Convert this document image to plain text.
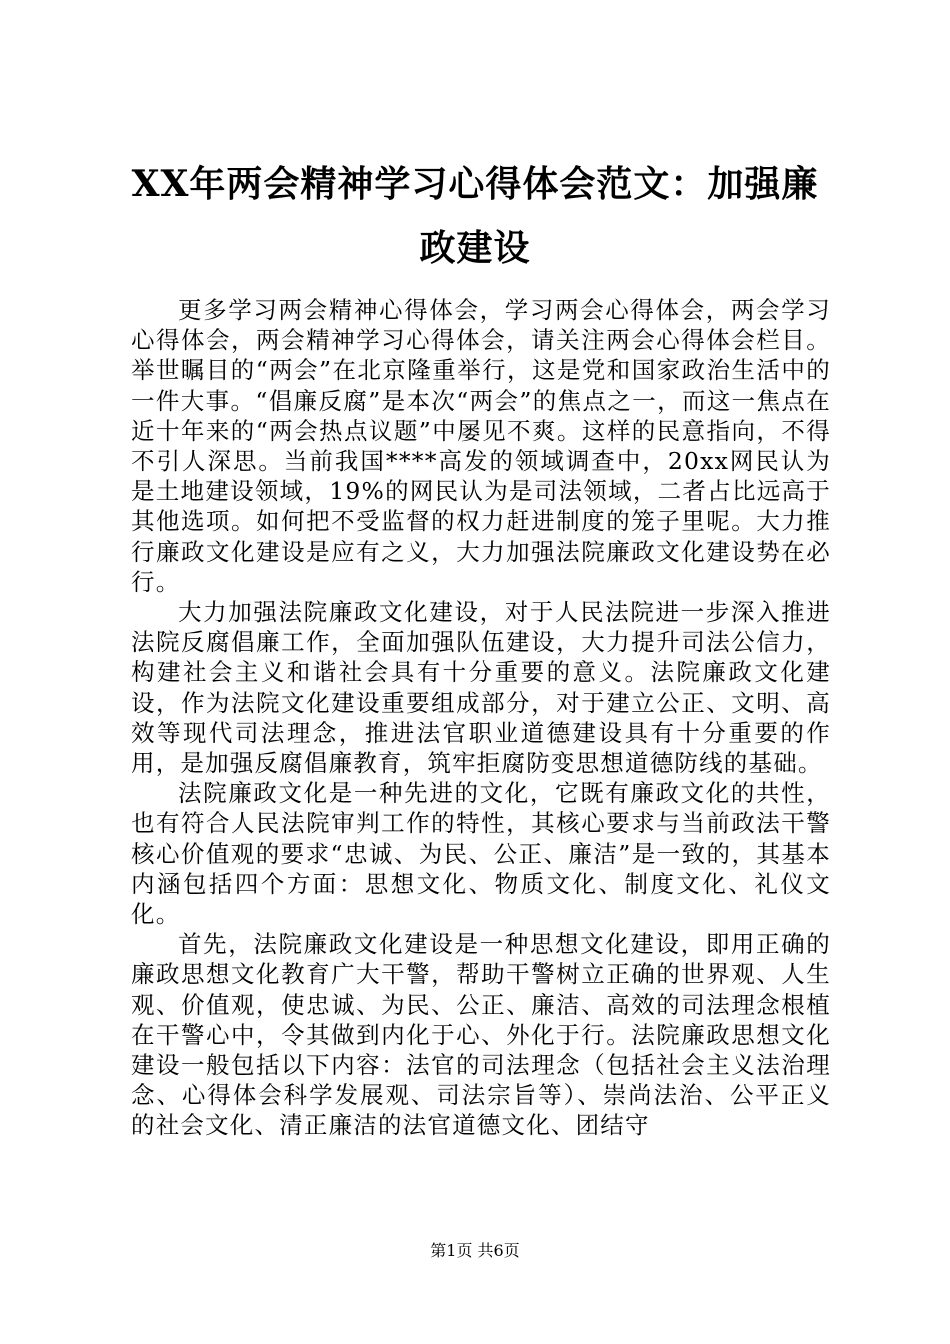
XX年两会精神学习心得体会范文：加强廉政建设

更多学习两会精神心得体会，学习两会心得体会，两会学习心得体会，两会精神学习心得体会，请关注两会心得体会栏目。举世瞩目的“两会”在北京隆重举行，这是党和国家政治生活中的一件大事。“倡廉反腐”是本次“两会”的焦点之一，而这一焦点在近十年来的“两会热点议题”中屡见不爽。这样的民意指向，不得不引人深思。当前我国****高发的领域调查中，20xx网民认为是土地建设领域，19%的网民认为是司法领域，二者占比远高于其他选项。如何把不受监督的权力赶进制度的笼子里呢。大力推行廉政文化建设是应有之义，大力加强法院廉政文化建设势在必行。

大力加强法院廉政文化建设，对于人民法院进一步深入推进法院反腐倡廉工作，全面加强队伍建设，大力提升司法公信力，构建社会主义和谐社会具有十分重要的意义。法院廉政文化建设，作为法院文化建设重要组成部分，对于建立公正、文明、高效等现代司法理念，推进法官职业道德建设具有十分重要的作用，是加强反腐倡廉教育，筑牢拒腐防变思想道德防线的基础。

法院廉政文化是一种先进的文化，它既有廉政文化的共性，也有符合人民法院审判工作的特性，其核心要求与当前政法干警核心价值观的要求“忠诚、为民、公正、廉洁”是一致的，其基本内涵包括四个方面：思想文化、物质文化、制度文化、礼仪文化。

首先，法院廉政文化建设是一种思想文化建设，即用正确的廉政思想文化教育广大干警，帮助干警树立正确的世界观、人生观、价值观，使忠诚、为民、公正、廉洁、高效的司法理念根植在干警心中，令其做到内化于心、外化于行。法院廉政思想文化建设一般包括以下内容：法官的司法理念（包括社会主义法治理念、心得体会科学发展观、司法宗旨等）、崇尚法治、公平正义的社会文化、清正廉洁的法官道德文化、团结守

第1页 共6页
